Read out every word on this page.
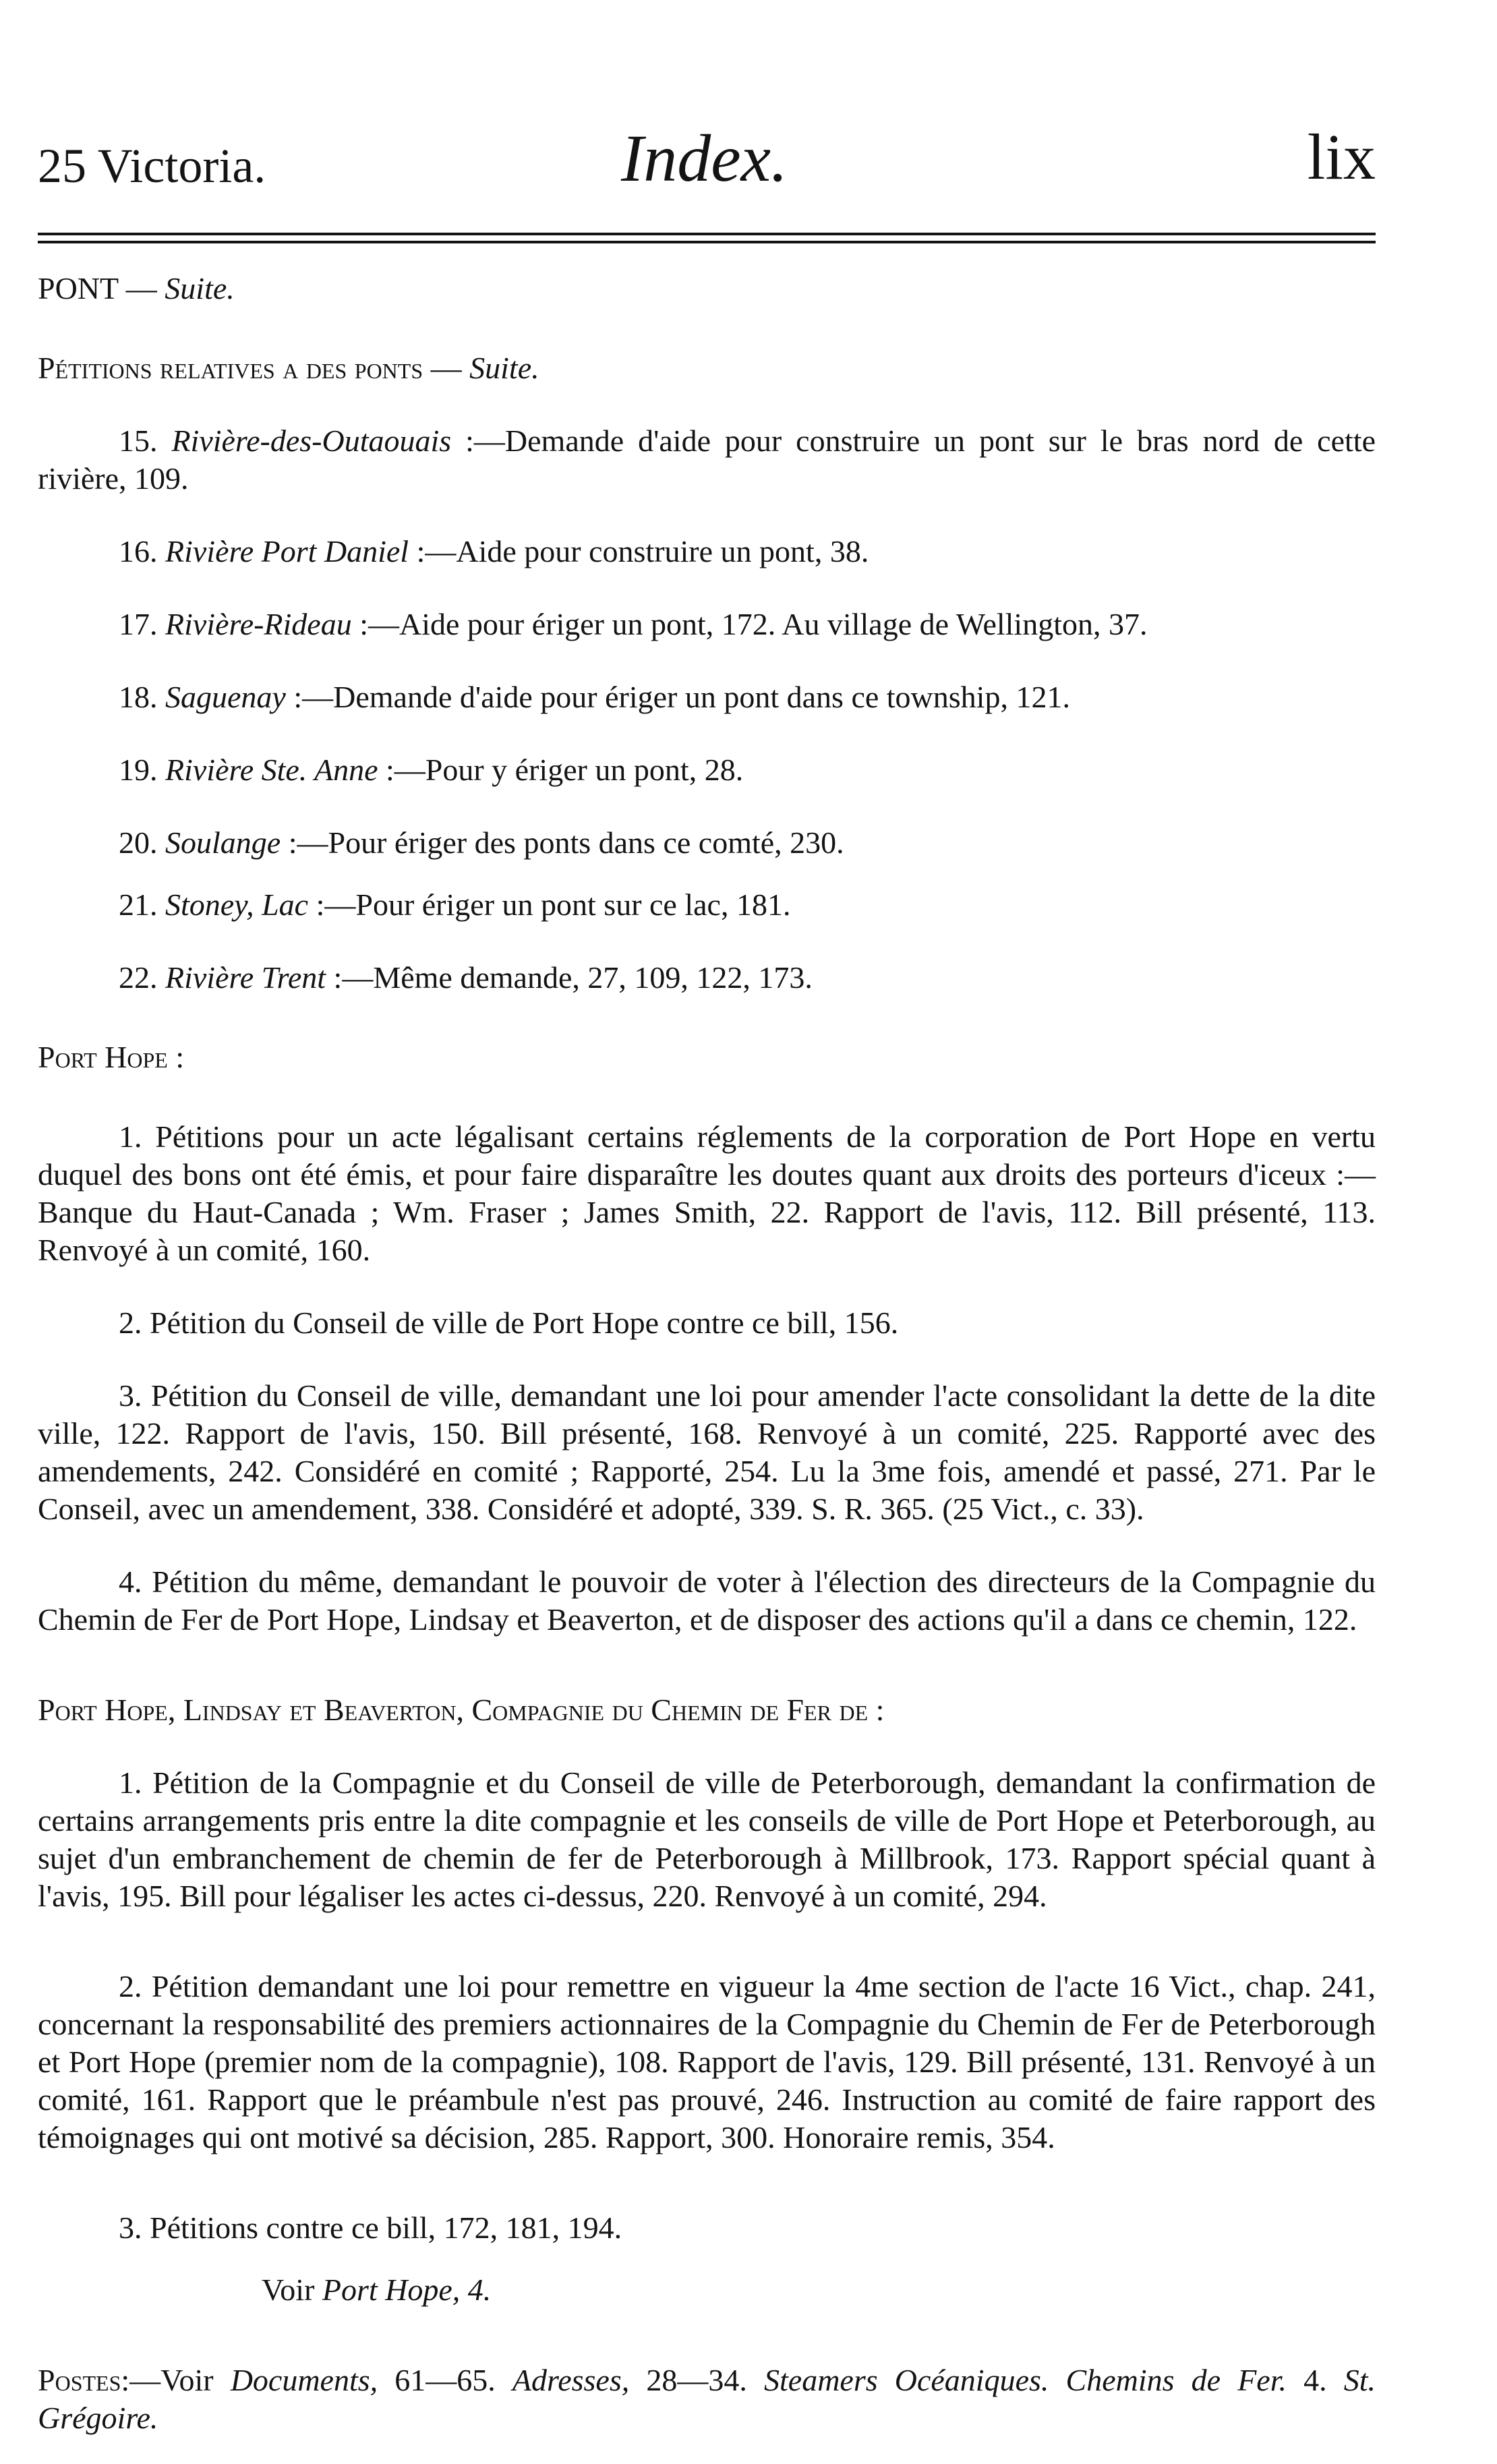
25 Victoria.	Index.	lix

PONT — Suite.

Pétitions relatives a des ponts — Suite.

15. Rivière-des-Outaouais :—Demande d'aide pour construire un pont sur le bras nord de cette rivière, 109.

16. Rivière Port Daniel :—Aide pour construire un pont, 38.

17. Rivière-Rideau :—Aide pour ériger un pont, 172. Au village de Wellington, 37.

18. Saguenay :—Demande d'aide pour ériger un pont dans ce township, 121.

19. Rivière Ste. Anne :—Pour y ériger un pont, 28.

20. Soulange :—Pour ériger des ponts dans ce comté, 230.

21. Stoney, Lac :—Pour ériger un pont sur ce lac, 181.

22. Rivière Trent :—Même demande, 27, 109, 122, 173.

Port Hope :

1. Pétitions pour un acte légalisant certains réglements de la corporation de Port Hope en vertu duquel des bons ont été émis, et pour faire disparaître les doutes quant aux droits des porteurs d'iceux :—Banque du Haut-Canada ; Wm. Fraser ; James Smith, 22. Rapport de l'avis, 112. Bill présenté, 113. Renvoyé à un comité, 160.

2. Pétition du Conseil de ville de Port Hope contre ce bill, 156.

3. Pétition du Conseil de ville, demandant une loi pour amender l'acte consolidant la dette de la dite ville, 122. Rapport de l'avis, 150. Bill présenté, 168. Renvoyé à un comité, 225. Rapporté avec des amendements, 242. Considéré en comité ; Rapporté, 254. Lu la 3me fois, amendé et passé, 271. Par le Conseil, avec un amendement, 338. Considéré et adopté, 339. S. R. 365. (25 Vict., c. 33).

4. Pétition du même, demandant le pouvoir de voter à l'élection des directeurs de la Compagnie du Chemin de Fer de Port Hope, Lindsay et Beaverton, et de disposer des actions qu'il a dans ce chemin, 122.

Port Hope, Lindsay et Beaverton, Compagnie du Chemin de Fer de :

1. Pétition de la Compagnie et du Conseil de ville de Peterborough, demandant la confirmation de certains arrangements pris entre la dite compagnie et les conseils de ville de Port Hope et Peterborough, au sujet d'un embranchement de chemin de fer de Peterborough à Millbrook, 173. Rapport spécial quant à l'avis, 195. Bill pour légaliser les actes ci-dessus, 220. Renvoyé à un comité, 294.

2. Pétition demandant une loi pour remettre en vigueur la 4me section de l'acte 16 Vict., chap. 241, concernant la responsabilité des premiers actionnaires de la Compagnie du Chemin de Fer de Peterborough et Port Hope (premier nom de la compagnie), 108. Rapport de l'avis, 129. Bill présenté, 131. Renvoyé à un comité, 161. Rapport que le préambule n'est pas prouvé, 246. Instruction au comité de faire rapport des témoignages qui ont motivé sa décision, 285. Rapport, 300. Honoraire remis, 354.

3. Pétitions contre ce bill, 172, 181, 194.

Voir Port Hope, 4.

Postes:—Voir Documents, 61—65. Adresses, 28—34. Steamers Océaniques. Chemins de Fer. 4. St. Grégoire.
